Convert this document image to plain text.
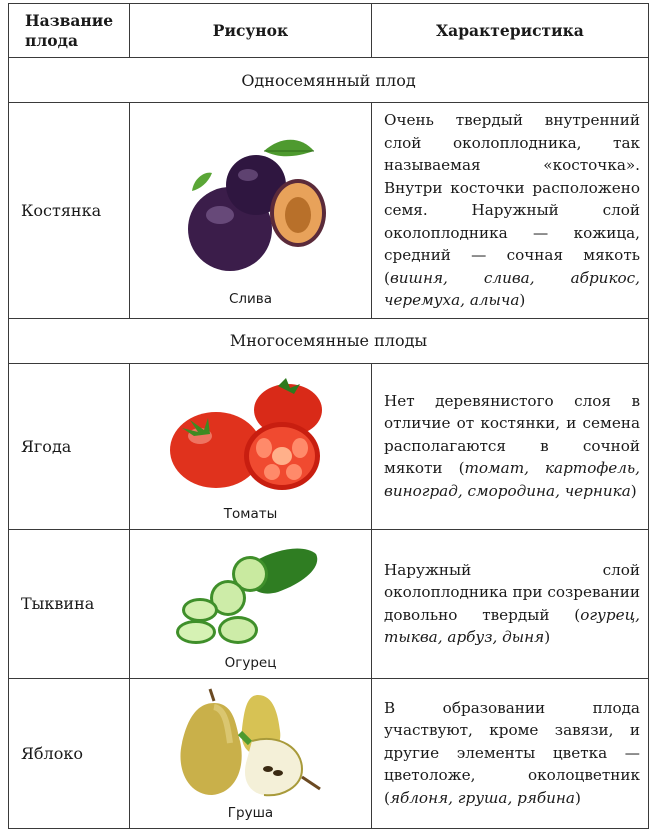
Название плода	Рисунок	Характеристика
Односемянный плод		
Костянка	Слива	Очень твердый внутренний слой околоплодника, так называемая «косточка». Внутри косточки расположено семя. Наружный слой околоплодника — кожица, средний — сочная мякоть (вишня, слива, абрикос, черемуха, алыча)
Многосемянные плоды		
Ягода	Томаты	Нет деревянистого слоя в отличие от костянки, и семена располагаются в сочной мякоти (томат, картофель, виноград, смородина, черника)
Тыквина	Огурец	Наружный слой околоплодника при созревании довольно твердый (огурец, тыква, арбуз, дыня)
Яблоко	Груша	В образовании плода участвуют, кроме завязи, и другие элементы цветка — цветоложе, околоцветник (яблоня, груша, рябина)
